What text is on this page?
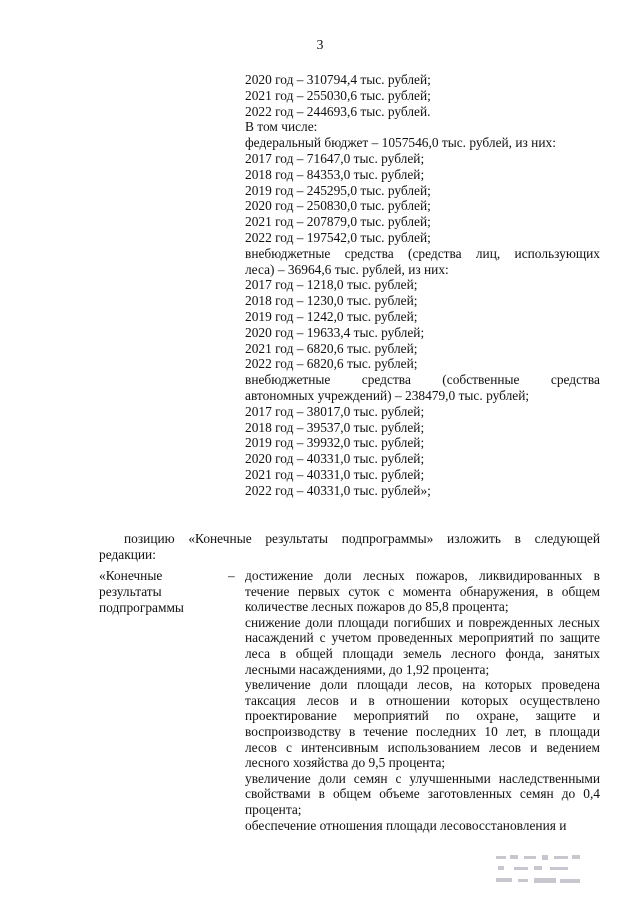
3
2020 год – 310794,4 тыс. рублей;
2021 год – 255030,6 тыс. рублей;
2022 год – 244693,6 тыс. рублей.
В том числе:
федеральный бюджет – 1057546,0 тыс. рублей, из них:
2017 год – 71647,0 тыс. рублей;
2018 год – 84353,0 тыс. рублей;
2019 год – 245295,0 тыс. рублей;
2020 год – 250830,0 тыс. рублей;
2021 год – 207879,0 тыс. рублей;
2022 год – 197542,0 тыс. рублей;
внебюджетные средства (средства лиц, использующих
леса) – 36964,6 тыс. рублей, из них:
2017 год – 1218,0 тыс. рублей;
2018 год – 1230,0 тыс. рублей;
2019 год – 1242,0 тыс. рублей;
2020 год – 19633,4 тыс. рублей;
2021 год – 6820,6 тыс. рублей;
2022 год – 6820,6 тыс. рублей;
внебюджетные средства (собственные средства
автономных учреждений) – 238479,0 тыс. рублей;
2017 год – 38017,0 тыс. рублей;
2018 год – 39537,0 тыс. рублей;
2019 год – 39932,0 тыс. рублей;
2020 год – 40331,0 тыс. рублей;
2021 год – 40331,0 тыс. рублей;
2022 год – 40331,0 тыс. рублей»;
позицию «Конечные результаты подпрограммы» изложить в следующей
редакции:
«Конечные результаты подпрограммы
– достижение доли лесных пожаров, ликвидированных в течение первых суток с момента обнаружения, в общем количестве лесных пожаров до 85,8 процента;

снижение доли площади погибших и поврежденных лесных насаждений с учетом проведенных мероприятий по защите леса в общей площади земель лесного фонда, занятых лесными насаждениями, до 1,92 процента;

увеличение доли площади лесов, на которых проведена таксация лесов и в отношении которых осуществлено проектирование мероприятий по охране, защите и воспроизводству в течение последних 10 лет, в площади лесов с интенсивным использованием лесов и ведением лесного хозяйства до 9,5 процента;

увеличение доли семян с улучшенными наследственными свойствами в общем объеме заготовленных семян до 0,4 процента;

обеспечение отношения площади лесовосстановления и
